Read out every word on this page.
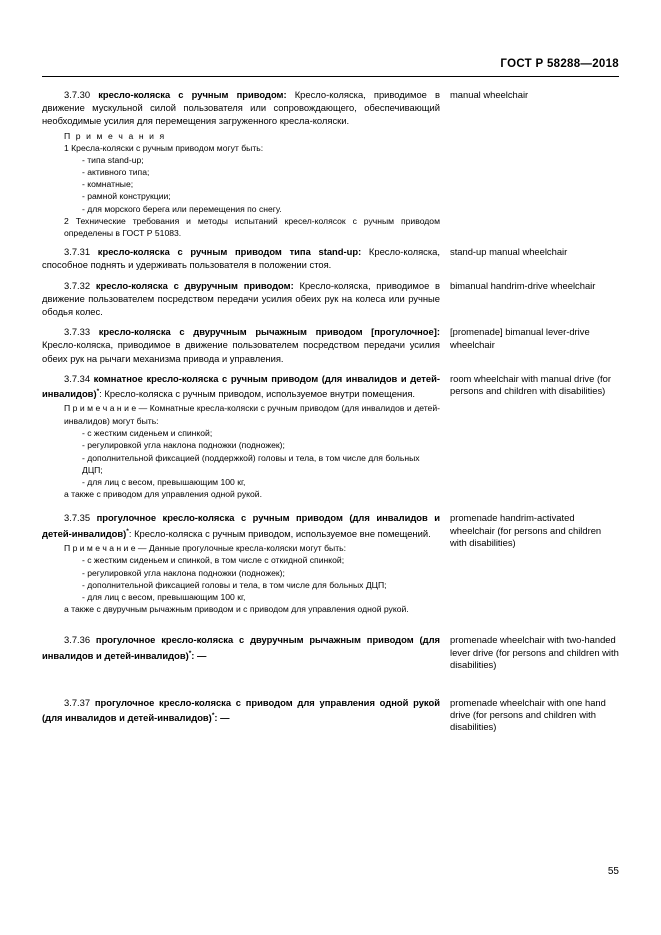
ГОСТ Р 58288—2018

3.7.30 кресло-коляска с ручным приводом: Кресло-коляска, приводимое в движение мускульной силой пользователя или сопровождающего, обеспечивающий необходимые усилия для перемещения загруженного кресла-коляски.

П р и м е ч а н и я

1 Кресла-коляски с ручным приводом могут быть:

- типа stand-up;

- активного типа;

- комнатные;

- рамной конструкции;

- для морского берега или перемещения по снегу.

2 Технические требования и методы испытаний кресел-колясок с ручным приводом определены в ГОСТ Р 51083.

manual wheelchair

3.7.31 кресло-коляска с ручным приводом типа stand-up: Кресло-коляска, способное поднять и удерживать пользователя в положении стоя.

stand-up manual wheelchair

3.7.32 кресло-коляска с двуручным приводом: Кресло-коляска, приводимое в движение пользователем посредством передачи усилия обеих рук на колеса или ручные ободья колес.

bimanual handrim-drive wheelchair

3.7.33 кресло-коляска с двуручным рычажным приводом [прогулочное]: Кресло-коляска, приводимое в движение пользователем посредством передачи усилия обеих рук на рычаги механизма привода и управления.

[promenade] bimanual lever-drive wheelchair

3.7.34 комнатное кресло-коляска с ручным приводом (для инвалидов и детей-инвалидов)*: Кресло-коляска с ручным приводом, используемое внутри помещения.

П р и м е ч а н и е — Комнатные кресла-коляски с ручным приводом (для инвалидов и детей-инвалидов) могут быть:

- с жестким сиденьем и спинкой;

- регулировкой угла наклона подножки (подножек);

- дополнительной фиксацией (поддержкой) головы и тела, в том числе для больных ДЦП;

- для лиц с весом, превышающим 100 кг,

а также с приводом для управления одной рукой.

room wheelchair with manual drive (for persons and children with disabilities)

3.7.35 прогулочное кресло-коляска с ручным приводом (для инвалидов и детей-инвалидов)*: Кресло-коляска с ручным приводом, используемое вне помещений.

П р и м е ч а н и е — Данные прогулочные кресла-коляски могут быть:

- с жестким сиденьем и спинкой, в том числе с откидной спинкой;

- регулировкой угла наклона подножки (подножек);

- дополнительной фиксацией головы и тела, в том числе для больных ДЦП;

- для лиц с весом, превышающим 100 кг,

а также с двуручным рычажным приводом и с приводом для управления одной рукой.

promenade handrim-activated wheelchair (for persons and children with disabilities)

3.7.36 прогулочное кресло-коляска с двуручным рычажным приводом (для инвалидов и детей-инвалидов)*: —

promenade wheelchair with two-handed lever drive (for persons and children with disabilities)

3.7.37 прогулочное кресло-коляска с приводом для управления одной рукой (для инвалидов и детей-инвалидов)*: —

promenade wheelchair with one hand drive (for persons and children with disabilities)
55
